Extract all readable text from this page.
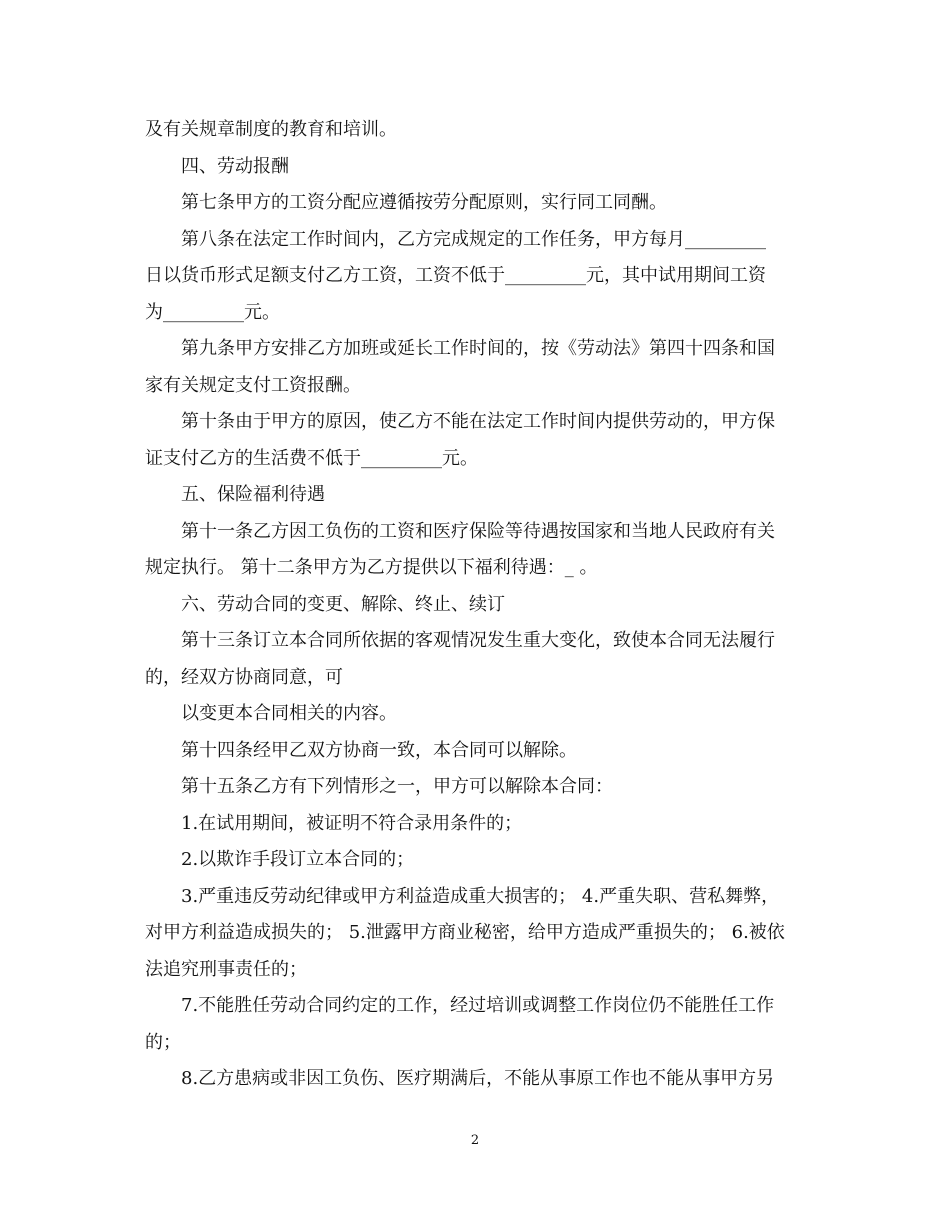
及有关规章制度的教育和培训。
四、劳动报酬
第七条甲方的工资分配应遵循按劳分配原则，实行同工同酬。
第八条在法定工作时间内，乙方完成规定的工作任务，甲方每月_________
日以货币形式足额支付乙方工资，工资不低于_________元，其中试用期间工资
为_________元。
第九条甲方安排乙方加班或延长工作时间的，按《劳动法》第四十四条和国
家有关规定支付工资报酬。
第十条由于甲方的原因，使乙方不能在法定工作时间内提供劳动的，甲方保
证支付乙方的生活费不低于_________元。
五、保险福利待遇
第十一条乙方因工负伤的工资和医疗保险等待遇按国家和当地人民政府有关
规定执行。 第十二条甲方为乙方提供以下福利待遇：_ 。
六、劳动合同的变更、解除、终止、续订
第十三条订立本合同所依据的客观情况发生重大变化，致使本合同无法履行
的，经双方协商同意，可
以变更本合同相关的内容。
第十四条经甲乙双方协商一致，本合同可以解除。
第十五条乙方有下列情形之一，甲方可以解除本合同：
1.在试用期间，被证明不符合录用条件的；
2.以欺诈手段订立本合同的；
3.严重违反劳动纪律或甲方利益造成重大损害的； 4.严重失职、营私舞弊，
对甲方利益造成损失的； 5.泄露甲方商业秘密，给甲方造成严重损失的； 6.被依
法追究刑事责任的；
7.不能胜任劳动合同约定的工作，经过培训或调整工作岗位仍不能胜任工作
的；
8.乙方患病或非因工负伤、医疗期满后，不能从事原工作也不能从事甲方另
2
